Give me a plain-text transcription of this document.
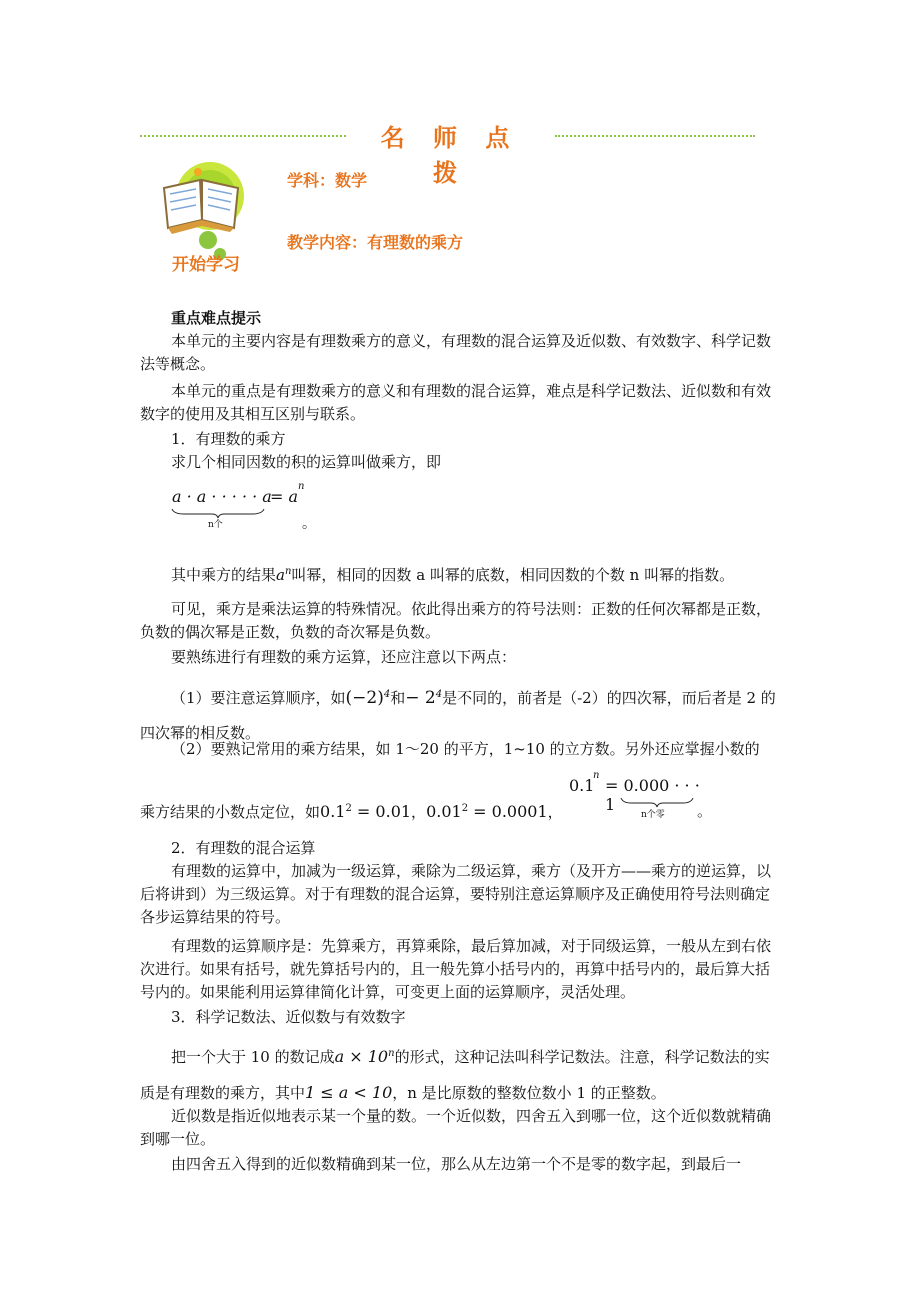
名 师 点 拨
开始学习
学科：数学
教学内容：有理数的乘方
重点难点提示
本单元的主要内容是有理数乘方的意义，有理数的混合运算及近似数、有效数字、科学记数法等概念。
本单元的重点是有理数乘方的意义和有理数的混合运算，难点是科学记数法、近似数和有效数字的使用及其相互区别与联系。
1．有理数的乘方
求几个相同因数的积的运算叫做乘方，即
a · a · · · · · a
= a
n
n个	。
其中乘方的结果$a^n$叫幂，相同的因数 a 叫幂的底数，相同因数的个数 n 叫幂的指数。
可见，乘方是乘法运算的特殊情况。依此得出乘方的符号法则：正数的任何次幂都是正数，负数的偶次幂是正数，负数的奇次幂是负数。
要熟练进行有理数的乘方运算，还应注意以下两点：
（1）要注意运算顺序，如$(-2)^4$和− $2^4$是不同的，前者是（-2）的四次幂，而后者是 2 的四次幂的相反数。
（2）要熟记常用的乘方结果，如 1～20 的平方，1~10 的立方数。另外还应掌握小数的
乘方结果的小数点定位，如$0.1^2 = 0.01$，$0.01^2 = 0.0001$，
0.1
n
= 0.000 · · · 1
n个零 。
2．有理数的混合运算
有理数的运算中，加减为一级运算，乘除为二级运算，乘方（及开方——乘方的逆运算，以后将讲到）为三级运算。对于有理数的混合运算，要特别注意运算顺序及正确使用符号法则确定各步运算结果的符号。
有理数的运算顺序是：先算乘方，再算乘除，最后算加减，对于同级运算，一般从左到右依次进行。如果有括号，就先算括号内的，且一般先算小括号内的，再算中括号内的，最后算大括号内的。如果能利用运算律简化计算，可变更上面的运算顺序，灵活处理。
3．科学记数法、近似数与有效数字
把一个大于 10 的数记成$a \times 10^n$的形式，这种记法叫科学记数法。注意，科学记数法的实质是有理数的乘方，其中1 ≤ a < 10，n 是比原数的整数位数小 1 的正整数。
近似数是指近似地表示某一个量的数。一个近似数，四舍五入到哪一位，这个近似数就精确到哪一位。
由四舍五入得到的近似数精确到某一位，那么从左边第一个不是零的数字起，到最后一
